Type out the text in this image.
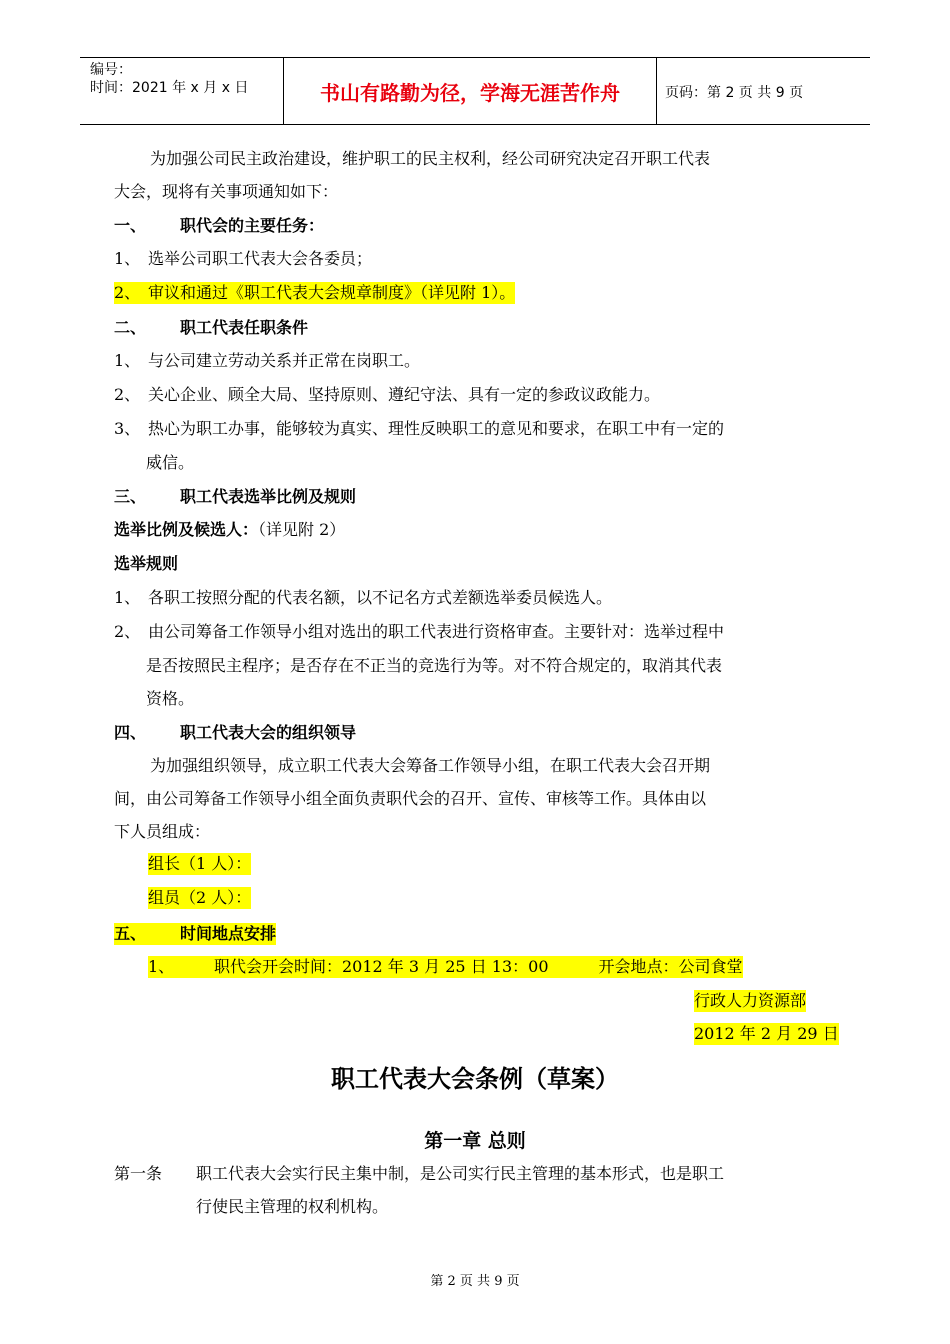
编号：
时间：2021 年 x 月 x 日	书山有路勤为径，学海无涯苦作舟	页码：第 2 页 共 9 页
为加强公司民主政治建设，维护职工的民主权利，经公司研究决定召开职工代表
大会，现将有关事项通知如下：
一、 职代会的主要任务：
1、 选举公司职工代表大会各委员；
2、 审议和通过《职工代表大会规章制度》（详见附 1）。
二、 职工代表任职条件
1、 与公司建立劳动关系并正常在岗职工。
2、 关心企业、顾全大局、坚持原则、遵纪守法、具有一定的参政议政能力。
3、 热心为职工办事，能够较为真实、理性反映职工的意见和要求，在职工中有一定的
威信。
三、 职工代表选举比例及规则
选举比例及候选人：（详见附 2）
选举规则
1、 各职工按照分配的代表名额，以不记名方式差额选举委员候选人。
2、 由公司筹备工作领导小组对选出的职工代表进行资格审查。主要针对：选举过程中
是否按照民主程序；是否存在不正当的竞选行为等。对不符合规定的，取消其代表
资格。
四、 职工代表大会的组织领导
为加强组织领导，成立职工代表大会筹备工作领导小组，在职工代表大会召开期
间，由公司筹备工作领导小组全面负责职代会的召开、宣传、审核等工作。具体由以
下人员组成：
组长（1 人）：
组员（2 人）：
五、 时间地点安排
1、 职代会开会时间：2012 年 3 月 25 日 13：00	开会地点：公司食堂
行政人力资源部
2012 年 2 月 29 日
职工代表大会条例（草案）
第一章 总则
第一条 职工代表大会实行民主集中制，是公司实行民主管理的基本形式，也是职工
行使民主管理的权利机构。
第 2 页 共 9 页
